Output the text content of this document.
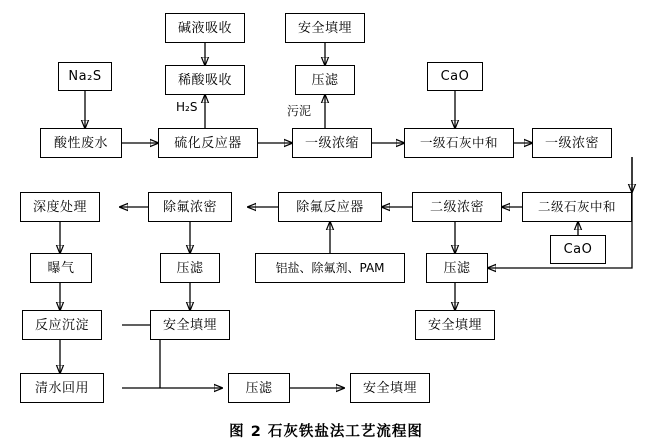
碱液吸收	安全填埋
Na₂S	稀酸吸收	压滤	CaO
H₂S	污泥
酸性废水	硫化反应器	一级浓缩	一级石灰中和	一级浓密
深度处理	除氟浓密	除氟反应器	二级浓密	二级石灰中和
曝气	压滤	铝盐、除氟剂、PAM	压滤
CaO
反应沉淀	安全填埋	安全填埋
清水回用	压滤	安全填埋
图 2 石灰铁盐法工艺流程图
